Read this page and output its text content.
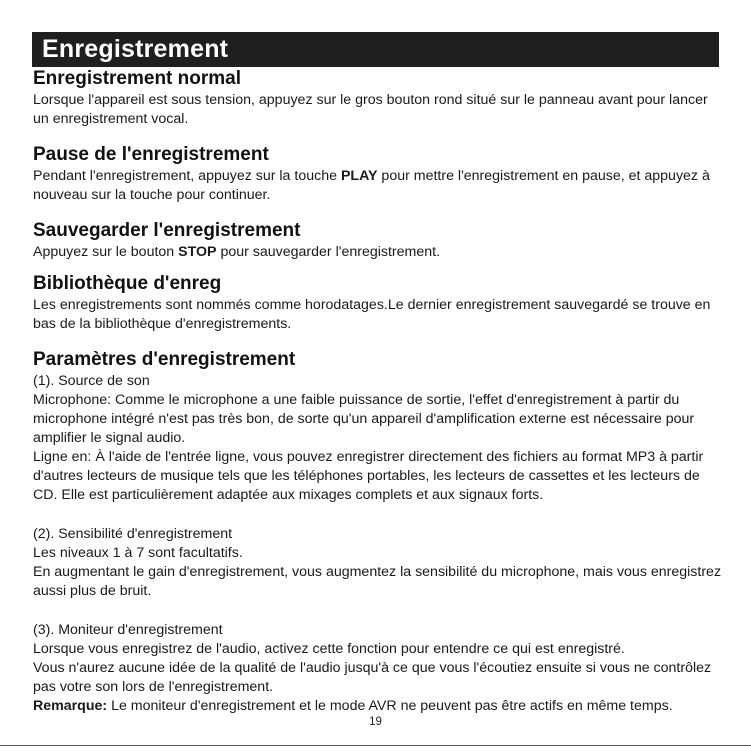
Enregistrement
Enregistrement normal

Lorsque l'appareil est sous tension, appuyez sur le gros bouton rond situé sur le panneau avant pour lancer un enregistrement vocal.

Pause de l'enregistrement

Pendant l'enregistrement, appuyez sur la touche PLAY pour mettre l'enregistrement en pause, et appuyez à nouveau sur la touche pour continuer.

Sauvegarder l'enregistrement

Appuyez sur le bouton STOP pour sauvegarder l'enregistrement.

Bibliothèque d'enreg

Les enregistrements sont nommés comme horodatages.Le dernier enregistrement sauvegardé se trouve en bas de la bibliothèque d'enregistrements.

Paramètres d'enregistrement

(1). Source de son

Microphone: Comme le microphone a une faible puissance de sortie, l'effet d'enregistrement à partir du microphone intégré n'est pas très bon, de sorte qu'un appareil d'amplification externe est nécessaire pour amplifier le signal audio.

Ligne en: À l'aide de l'entrée ligne, vous pouvez enregistrer directement des fichiers au format MP3 à partir d'autres lecteurs de musique tels que les téléphones portables, les lecteurs de cassettes et les lecteurs de CD. Elle est particulièrement adaptée aux mixages complets et aux signaux forts.

(2). Sensibilité d'enregistrement

Les niveaux 1 à 7 sont facultatifs.

En augmentant le gain d'enregistrement, vous augmentez la sensibilité du microphone, mais vous enregistrez aussi plus de bruit.

(3). Moniteur d'enregistrement

Lorsque vous enregistrez de l'audio, activez cette fonction pour entendre ce qui est enregistré.

Vous n'aurez aucune idée de la qualité de l'audio jusqu'à ce que vous l'écoutiez ensuite si vous ne contrôlez pas votre son lors de l'enregistrement.

Remarque: Le moniteur d'enregistrement et le mode AVR ne peuvent pas être actifs en même temps.

19
